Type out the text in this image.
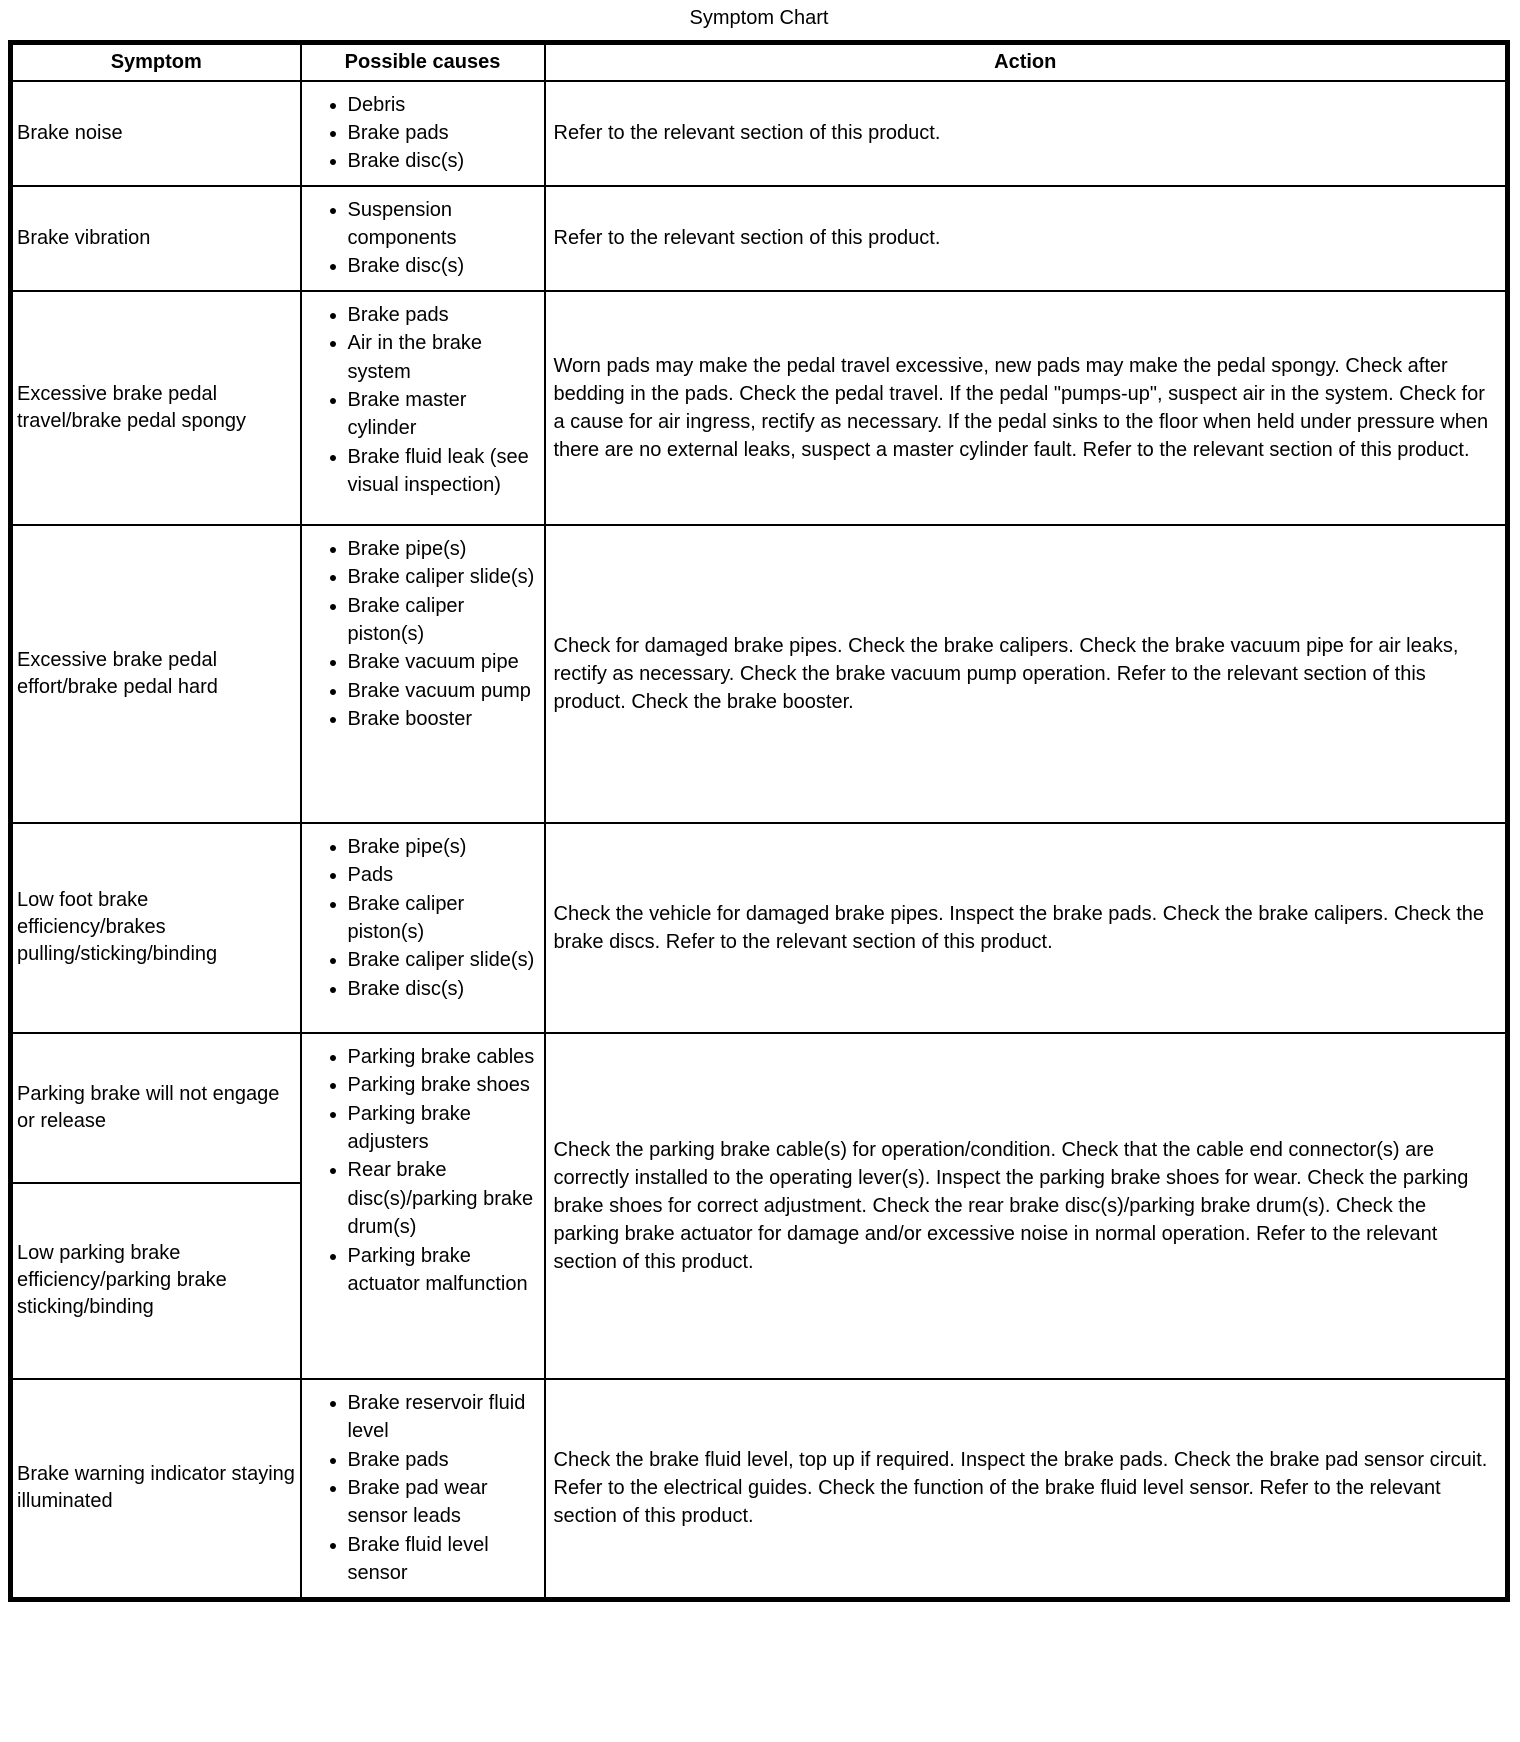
Symptom Chart
Symptom	Possible causes	Action
Brake noise	
• Debris
• Brake pads
• Brake disc(s)
	Refer to the relevant section of this product.
Brake vibration	
• Suspension components
• Brake disc(s)
	Refer to the relevant section of this product.
Excessive brake pedal travel/brake pedal spongy	
• Brake pads
• Air in the brake system
• Brake master cylinder
• Brake fluid leak (see visual inspection)
	Worn pads may make the pedal travel excessive, new pads may make the pedal spongy. Check after bedding in the pads. Check the pedal travel. If the pedal "pumps-up", suspect air in the system. Check for a cause for air ingress, rectify as necessary. If the pedal sinks to the floor when held under pressure when there are no external leaks, suspect a master cylinder fault. Refer to the relevant section of this product.
Excessive brake pedal effort/brake pedal hard	
• Brake pipe(s)
• Brake caliper slide(s)
• Brake caliper piston(s)
• Brake vacuum pipe
• Brake vacuum pump
• Brake booster
	Check for damaged brake pipes. Check the brake calipers. Check the brake vacuum pipe for air leaks, rectify as necessary. Check the brake vacuum pump operation. Refer to the relevant section of this product. Check the brake booster.
Low foot brake efficiency/brakes pulling/sticking/binding	
• Brake pipe(s)
• Pads
• Brake caliper piston(s)
• Brake caliper slide(s)
• Brake disc(s)
	Check the vehicle for damaged brake pipes. Inspect the brake pads. Check the brake calipers. Check the brake discs. Refer to the relevant section of this product.
Parking brake will not engage or release	
• Parking brake cables
• Parking brake shoes
• Parking brake adjusters
• Rear brake disc(s)/parking brake drum(s)
• Parking brake actuator malfunction
	Check the parking brake cable(s) for operation/condition. Check that the cable end connector(s) are correctly installed to the operating lever(s). Inspect the parking brake shoes for wear. Check the parking brake shoes for correct adjustment. Check the rear brake disc(s)/parking brake drum(s). Check the parking brake actuator for damage and/or excessive noise in normal operation. Refer to the relevant section of this product.
Low parking brake efficiency/parking brake sticking/binding		
Brake warning indicator staying illuminated	
• Brake reservoir fluid level
• Brake pads
• Brake pad wear sensor leads
• Brake fluid level sensor
	Check the brake fluid level, top up if required. Inspect the brake pads. Check the brake pad sensor circuit. Refer to the electrical guides. Check the function of the brake fluid level sensor. Refer to the relevant section of this product.
